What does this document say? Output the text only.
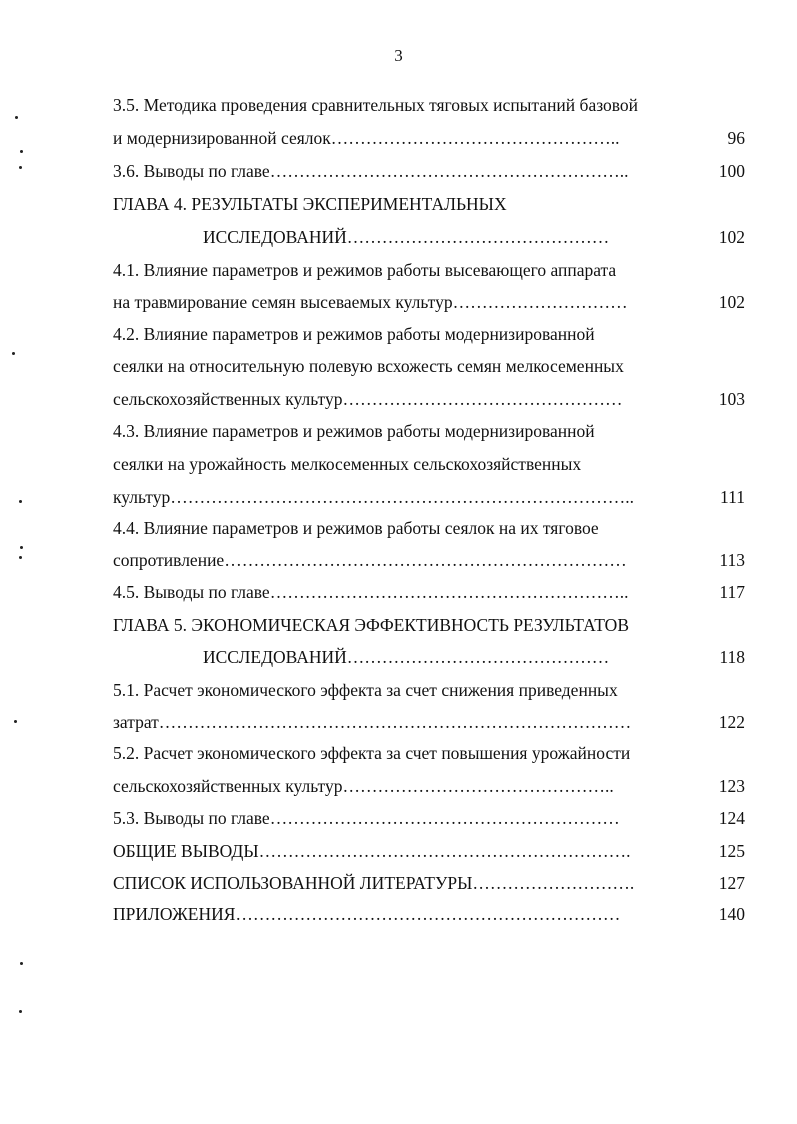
3
3.5. Методика проведения сравнительных тяговых испытаний базовой
и модернизированной сеялок…………………………………………..
3.6. Выводы по главе……………………………………………………..
ГЛАВА 4. РЕЗУЛЬТАТЫ ЭКСПЕРИМЕНТАЛЬНЫХ
ИССЛЕДОВАНИЙ………………………………………
4.1. Влияние параметров и режимов работы высевающего аппарата
на травмирование семян высеваемых культур…………………………
4.2. Влияние параметров и режимов работы модернизированной
сеялки на относительную полевую всхожесть семян мелкосеменных
сельскохозяйственных культур…………………………………………
4.3. Влияние параметров и режимов работы модернизированной
сеялки на урожайность мелкосеменных сельскохозяйственных
культур……………………………………………………………………..
4.4. Влияние параметров и режимов работы сеялок на их тяговое
сопротивление……………………………………………………………
4.5. Выводы по главе……………………………………………………..
ГЛАВА 5. ЭКОНОМИЧЕСКАЯ ЭФФЕКТИВНОСТЬ РЕЗУЛЬТАТОВ
ИССЛЕДОВАНИЙ………………………………………
5.1. Расчет экономического эффекта за счет снижения приведенных
затрат………………………………………………………………………
5.2. Расчет экономического эффекта за счет повышения урожайности
сельскохозяйственных культур………………………………………..
5.3. Выводы по главе……………………………………………………
ОБЩИЕ ВЫВОДЫ……………………………………………………….
СПИСОК ИСПОЛЬЗОВАННОЙ ЛИТЕРАТУРЫ……………………….
ПРИЛОЖЕНИЯ…………………………………………………………
96
100
102
102
103
111
113
117
118
122
123
124
125
127
140
